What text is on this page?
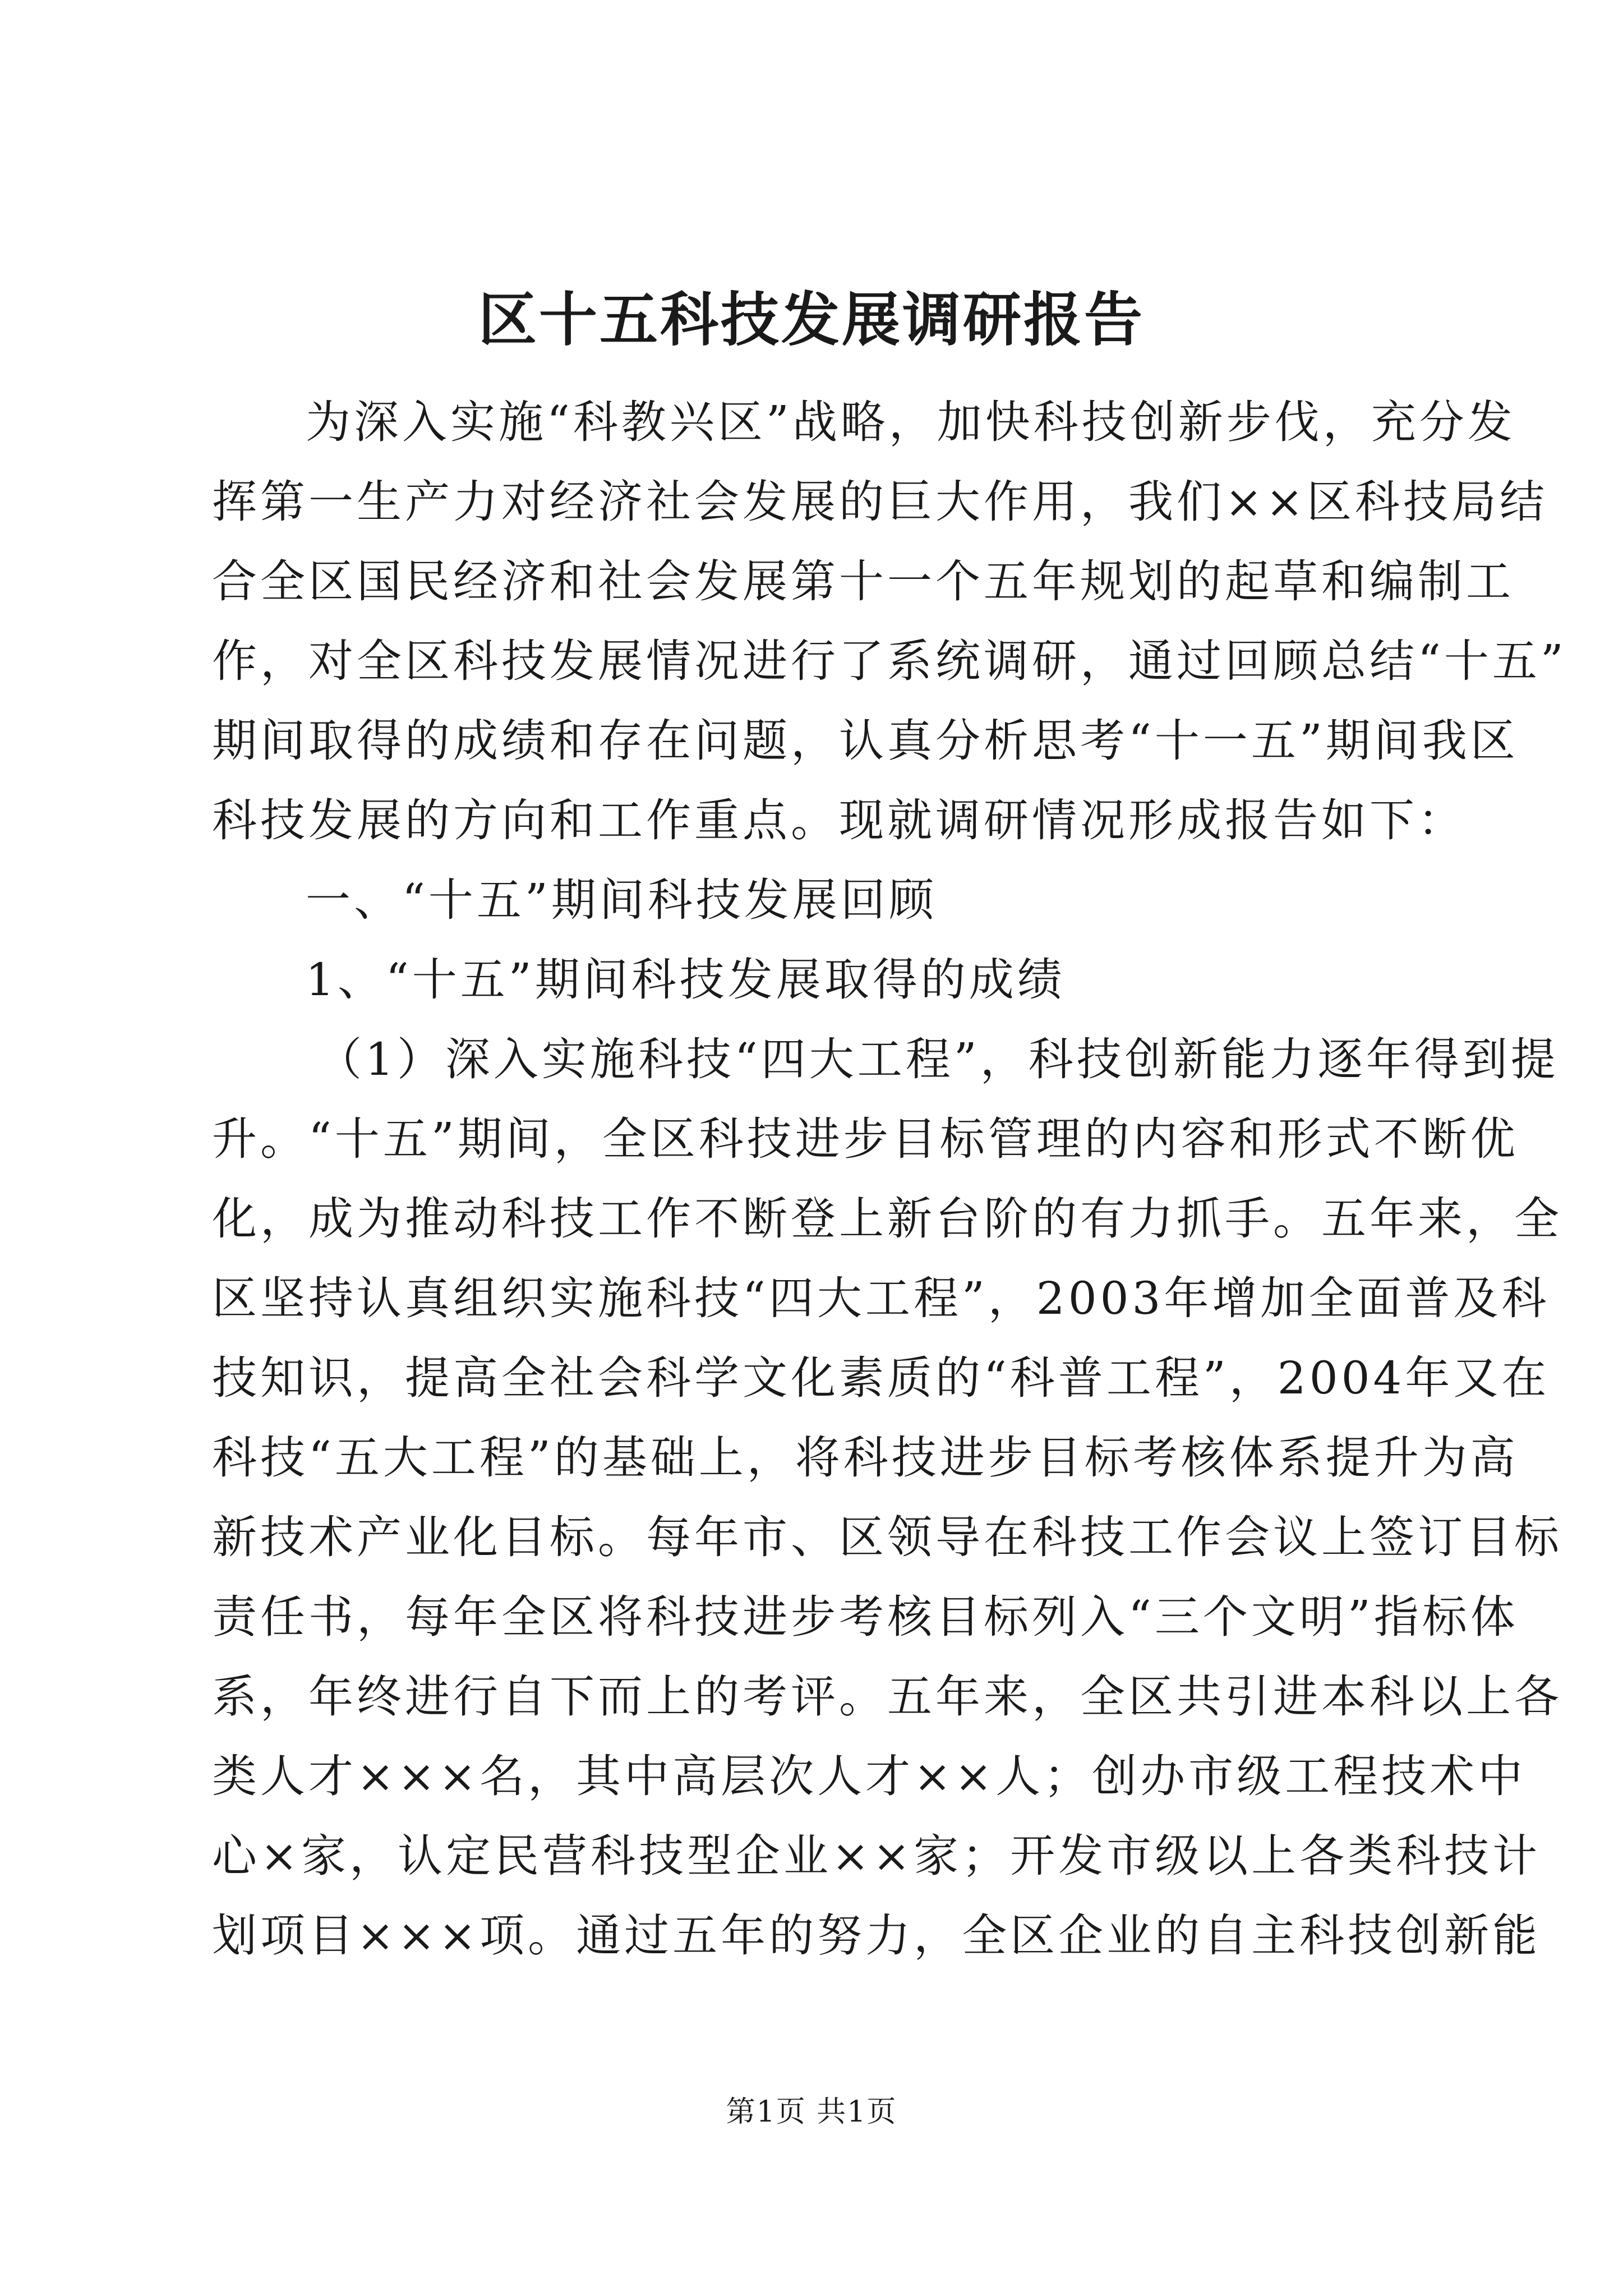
区十五科技发展调研报告

为深入实施“科教兴区”战略，加快科技创新步伐，充分发

挥第一生产力对经济社会发展的巨大作用，我们××区科技局结

合全区国民经济和社会发展第十一个五年规划的起草和编制工

作，对全区科技发展情况进行了系统调研，通过回顾总结“十五”

期间取得的成绩和存在问题，认真分析思考“十一五”期间我区

科技发展的方向和工作重点。现就调研情况形成报告如下：

一、“十五”期间科技发展回顾

1、“十五”期间科技发展取得的成绩

（1）深入实施科技“四大工程”，科技创新能力逐年得到提

升。“十五”期间，全区科技进步目标管理的内容和形式不断优

化，成为推动科技工作不断登上新台阶的有力抓手。五年来，全

区坚持认真组织实施科技“四大工程”，2003年增加全面普及科

技知识，提高全社会科学文化素质的“科普工程”，2004年又在

科技“五大工程”的基础上，将科技进步目标考核体系提升为高

新技术产业化目标。每年市、区领导在科技工作会议上签订目标

责任书，每年全区将科技进步考核目标列入“三个文明”指标体

系，年终进行自下而上的考评。五年来，全区共引进本科以上各

类人才×××名，其中高层次人才××人；创办市级工程技术中

心×家，认定民营科技型企业××家；开发市级以上各类科技计

划项目×××项。通过五年的努力，全区企业的自主科技创新能

第1页 共1页
